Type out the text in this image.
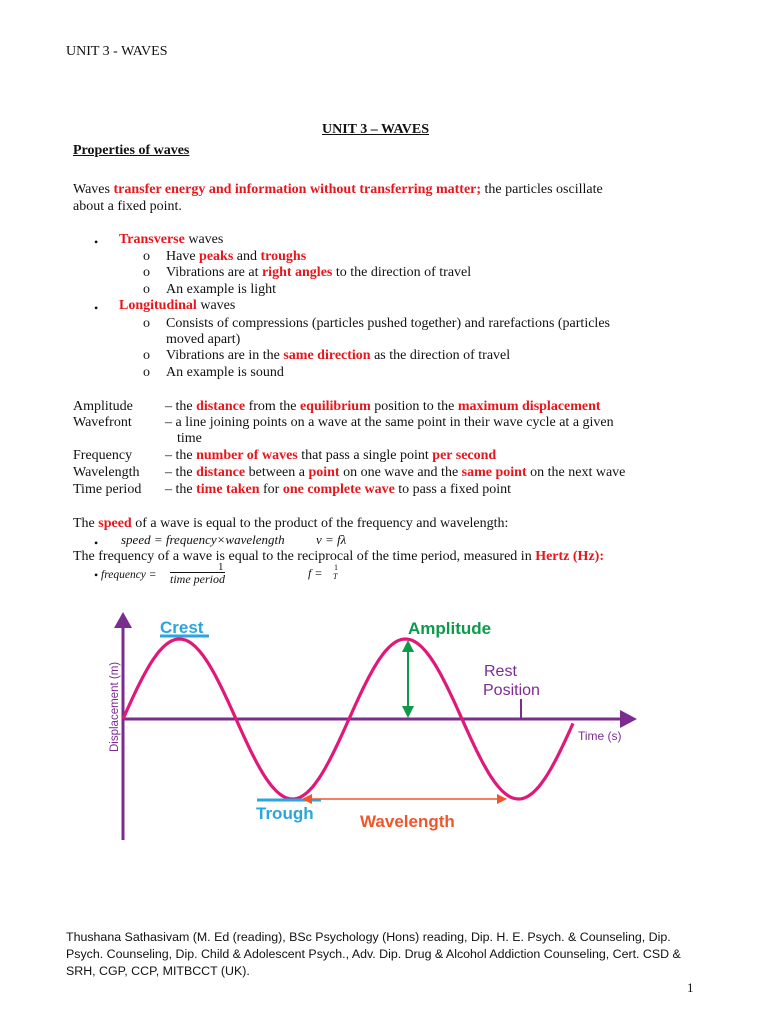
UNIT 3 - WAVES
UNIT 3 – WAVES
Properties of waves
Waves transfer energy and information without transferring matter; the particles oscillate
about a fixed point.
• Transverse waves
o Have peaks and troughs
o Vibrations are at right angles to the direction of travel
o An example is light
• Longitudinal waves
o Consists of compressions (particles pushed together) and rarefactions (particles
moved apart)
o Vibrations are in the same direction as the direction of travel
o An example is sound
Amplitude – the distance from the equilibrium position to the maximum displacement
Wavefront – a line joining points on a wave at the same point in their wave cycle at a given
time
Frequency – the number of waves that pass a single point per second
Wavelength – the distance between a point on one wave and the same point on the next wave
Time period – the time taken for one complete wave to pass a fixed point
The speed of a wave is equal to the product of the frequency and wavelength:
• speed = frequency×wavelength v = fλ
The frequency of a wave is equal to the reciprocal of the time period, measured in Hertz (Hz):
• frequency =
1
time period	f = 1
T
Crest	Amplitude
Rest
Position
Time (s)
Displacement (m)
Trough	Wavelength
Thushana Sathasivam (M. Ed (reading), BSc Psychology (Hons) reading, Dip. H. E. Psych. & Counseling, Dip.
Psych. Counseling, Dip. Child & Adolescent Psych., Adv. Dip. Drug & Alcohol Addiction Counseling, Cert. CSD &
SRH, CGP, CCP, MITBCCT (UK).
1
